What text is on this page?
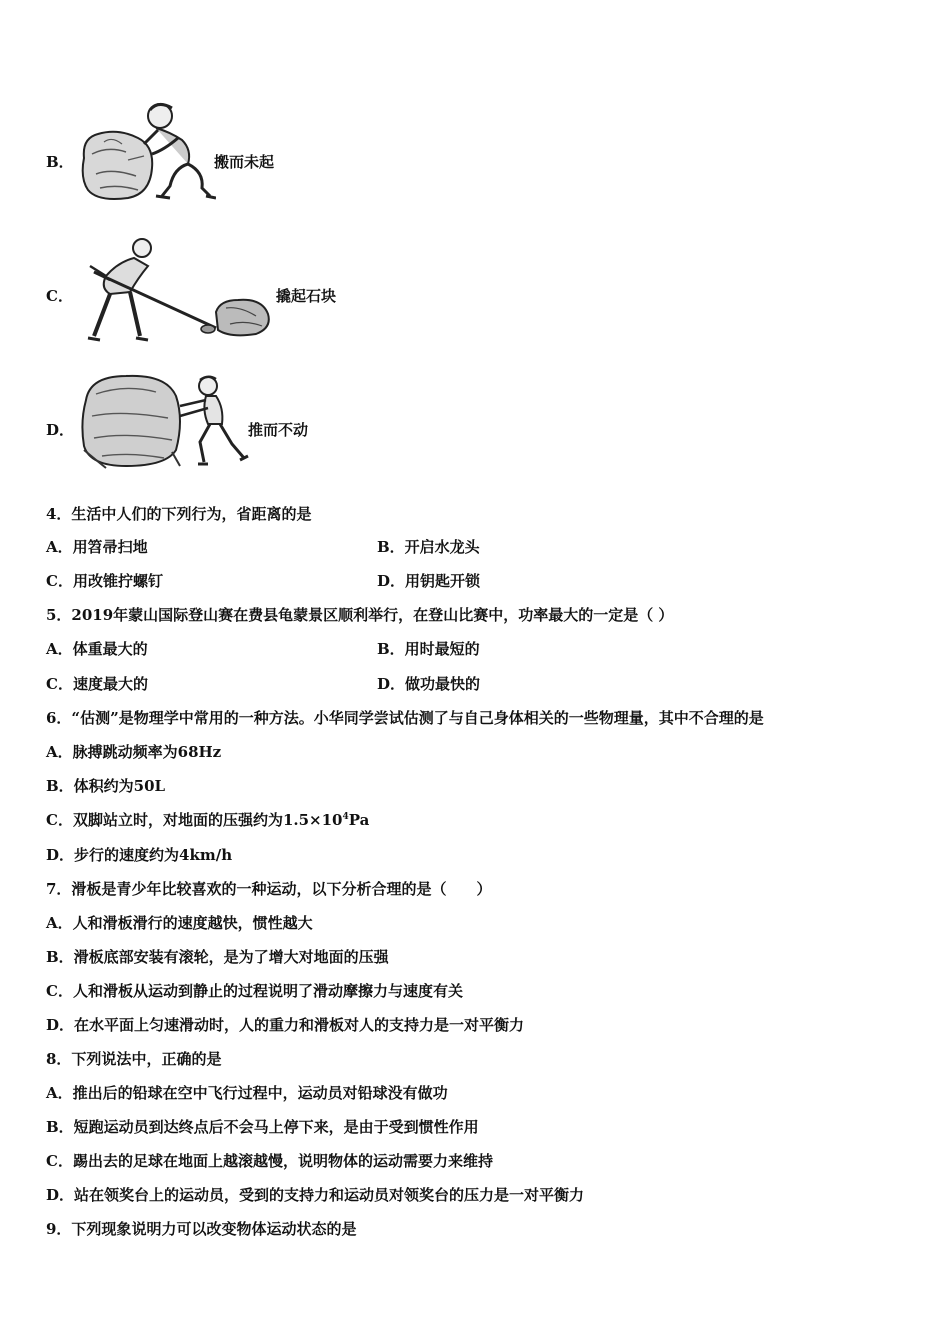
B．	搬而未起
C．	撬起石块
D．	推而不动
4．生活中人们的下列行为，省距离的是
A．用笤帚扫地	B．开启水龙头
C．用改锥拧螺钉	D．用钥匙开锁
5．2019年蒙山国际登山赛在费县龟蒙景区顺利举行，在登山比赛中，功率最大的一定是（ ）
A．体重最大的	B．用时最短的
C．速度最大的	D．做功最快的
6．“估测”是物理学中常用的一种方法。小华同学尝试估测了与自己身体相关的一些物理量，其中不合理的是
A．脉搏跳动频率为68Hz
B．体积约为50L
C．双脚站立时，对地面的压强约为$1.5\times 10^4Pa$
D．步行的速度约为4km/h
7．滑板是青少年比较喜欢的一种运动，以下分析合理的是（　　）
A．人和滑板滑行的速度越快，惯性越大
B．滑板底部安装有滚轮，是为了增大对地面的压强
C．人和滑板从运动到静止的过程说明了滑动摩擦力与速度有关
D．在水平面上匀速滑动时，人的重力和滑板对人的支持力是一对平衡力
8．下列说法中，正确的是
A．推出后的铅球在空中飞行过程中，运动员对铅球没有做功
B．短跑运动员到达终点后不会马上停下来，是由于受到惯性作用
C．踢出去的足球在地面上越滚越慢，说明物体的运动需要力来维持
D．站在领奖台上的运动员，受到的支持力和运动员对领奖台的压力是一对平衡力
9．下列现象说明力可以改变物体运动状态的是
